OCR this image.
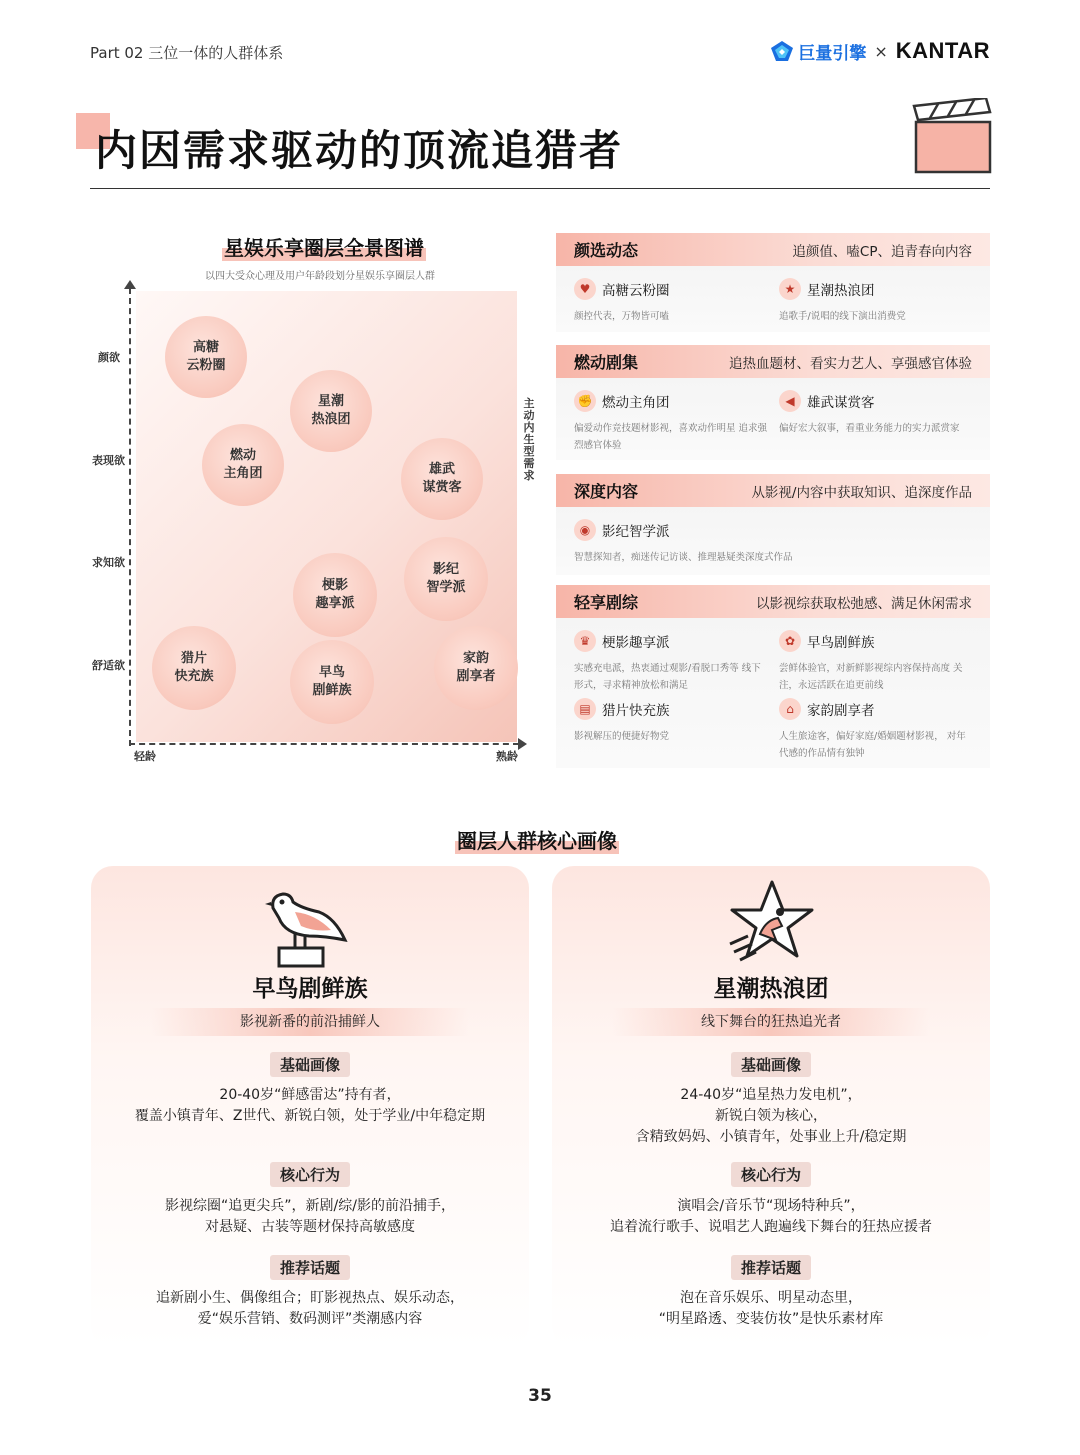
Part 02 三位一体的人群体系	巨量引擎 × KANTAR
内因需求驱动的顶流追猎者
星娱乐享圈层全景图谱
以四大受众心理及用户年龄段划分星娱乐享圈层人群
颜欲
表现欲
求知欲
舒适欲
轻龄	熟龄
主动内生型需求
高糖
云粉圈
星潮
热浪团
燃动
主角团	雄武
谋赏客
梗影
趣享派
影纪
智学派
猎片
快充族	早鸟
剧鲜族
家韵
剧享者
颜选动态	追颜值、嗑CP、追青春向内容
♥ 高糖云粉圈
颜控代表，万物皆可嗑
★ 星潮热浪团
追歌手/说唱的线下演出消费党
燃动剧集	追热血题材、看实力艺人、享强感官体验
✊ 燃动主角团
偏爱动作竞技题材影视，喜欢动作明星 追求强烈感官体验
◀ 雄武谋赏客
偏好宏大叙事，看重业务能力的实力派赏家
深度内容	从影视/内容中获取知识、追深度作品
◉ 影纪智学派
智慧探知者，痴迷传记访谈、推理悬疑类深度式作品
轻享剧综	以影视综获取松弛感、满足休闲需求
♛ 梗影趣享派
实感充电派，热衷通过观影/看脱口秀等 线下形式，寻求精神放松和满足
✿ 早鸟剧鲜族
尝鲜体验官，对新鲜影视综内容保持高度 关注，永远活跃在追更前线
▤ 猎片快充族
影视解压的便捷好物党
⌂ 家韵剧享者
人生旅途客，偏好家庭/婚姻题材影视， 对年代感的作品情有独钟
圈层人群核心画像
早鸟剧鲜族
影视新番的前沿捕鲜人
基础画像
20-40岁“鲜感雷达”持有者，
覆盖小镇青年、Z世代、新锐白领，处于学业/中年稳定期
核心行为
影视综圈“追更尖兵”，新剧/综/影的前沿捕手，
对悬疑、古装等题材保持高敏感度
推荐话题
追新剧小生、偶像组合；盯影视热点、娱乐动态，
爱“娱乐营销、数码测评”类潮感内容
星潮热浪团
线下舞台的狂热追光者
基础画像
24-40岁“追星热力发电机”，
新锐白领为核心，
含精致妈妈、小镇青年，处事业上升/稳定期
核心行为
演唱会/音乐节“现场特种兵”，
追着流行歌手、说唱艺人跑遍线下舞台的狂热应援者
推荐话题
泡在音乐娱乐、明星动态里，
“明星路透、变装仿妆”是快乐素材库
35
